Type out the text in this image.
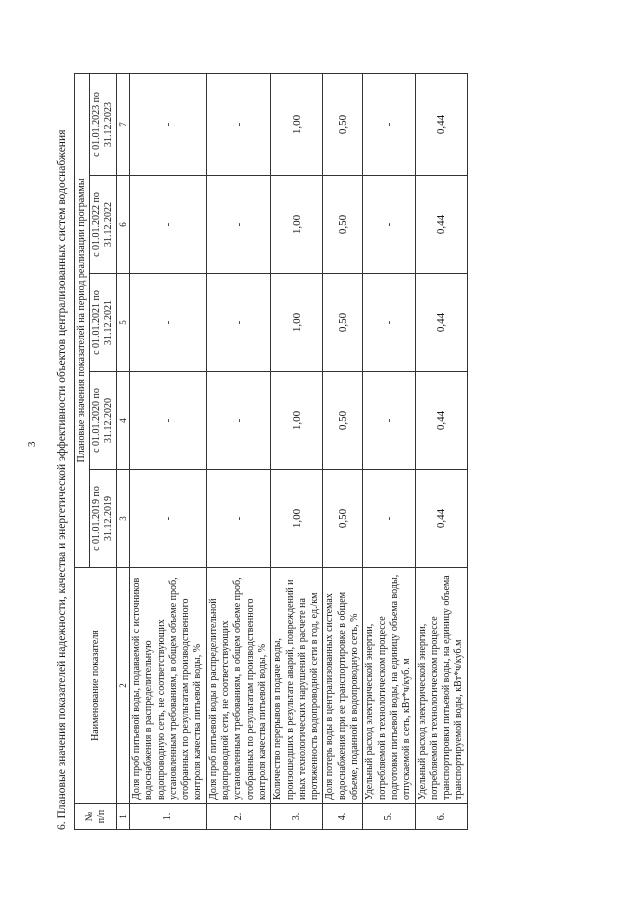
3 6. Плановые значения показателей надежности, качества и энергетической эффективности объектов централизованных систем водоснабжения № п/п	Наименование показателя	Плановые значения показателей на период реализации программы				
		с 01.01.2019 по 31.12.2019	с 01.01.2020 по 31.12.2020	с 01.01.2021 по 31.12.2021	с 01.01.2022 по 31.12.2022	с 01.01.2023 по 31.12.2023
1	2	3	4	5	6	7
1.	Доля проб питьевой воды, подаваемой с источников водоснабжения в распределительную водопроводную сеть, не соответствующих установленным требованиям, в общем объеме проб, отобранных по результатам производственного контроля качества питьевой воды, %	-	-	-	-	-
2.	Доля проб питьевой воды в распределительной водопроводной сети, не соответствующих установленным требованиям, в общем объеме проб, отобранных по результатам производственного контроля качества питьевой воды, %	-	-	-	-	-
3.	Количество перерывов в подаче воды, произошедших в результате аварий, повреждений и иных технологических нарушений в расчете на протяженность водопроводной сети в год, ед./км	1,00	1,00	1,00	1,00	1,00
4.	Доля потерь воды в централизованных системах водоснабжения при ее транспортировке в общем объеме, поданной в водопроводную сеть, %	0,50	0,50	0,50	0,50	0,50
5.	Удельный расход электрической энергии, потребляемой в технологическом процессе подготовки питьевой воды, на единицу объема воды, отпускаемой в сеть, кВт*ч/куб. м	-	-	-	-	-
6.	Удельный расход электрической энергии, потребляемой в технологическом процессе транспортировки питьевой воды, на единицу объема транспортируемой воды, кВт*ч/куб.м	0,44	0,44	0,44	0,44	0,44
